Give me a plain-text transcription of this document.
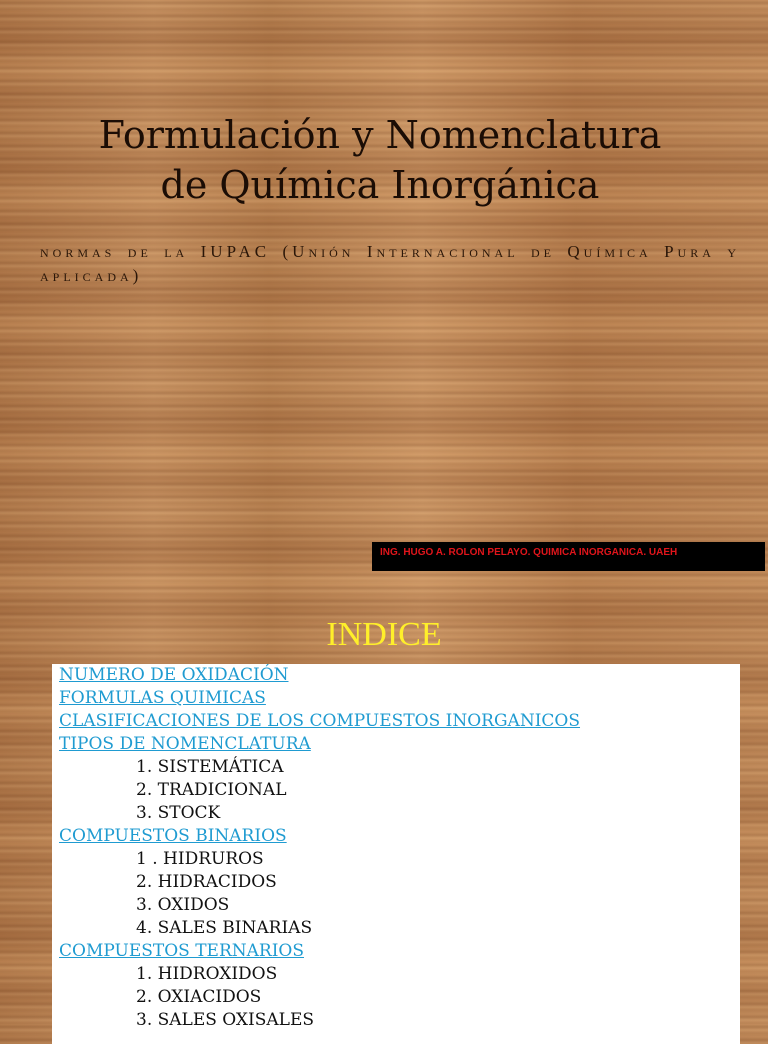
Formulación y Nomenclatura
de Química Inorgánica
normas de la IUPAC (Unión Internacional de Química Pura y aplicada)
ING. HUGO A. ROLON PELAYO. QUIMICA INORGANICA. UAEH
INDICE
NUMERO DE OXIDACIÓN
FORMULAS QUIMICAS
CLASIFICACIONES DE LOS COMPUESTOS INORGANICOS
TIPOS DE NOMENCLATURA
1. SISTEMÁTICA
2. TRADICIONAL
3. STOCK
COMPUESTOS BINARIOS
1 . HIDRUROS
2. HIDRACIDOS
3. OXIDOS
4. SALES BINARIAS
COMPUESTOS TERNARIOS
1. HIDROXIDOS
2. OXIACIDOS
3. SALES OXISALES
